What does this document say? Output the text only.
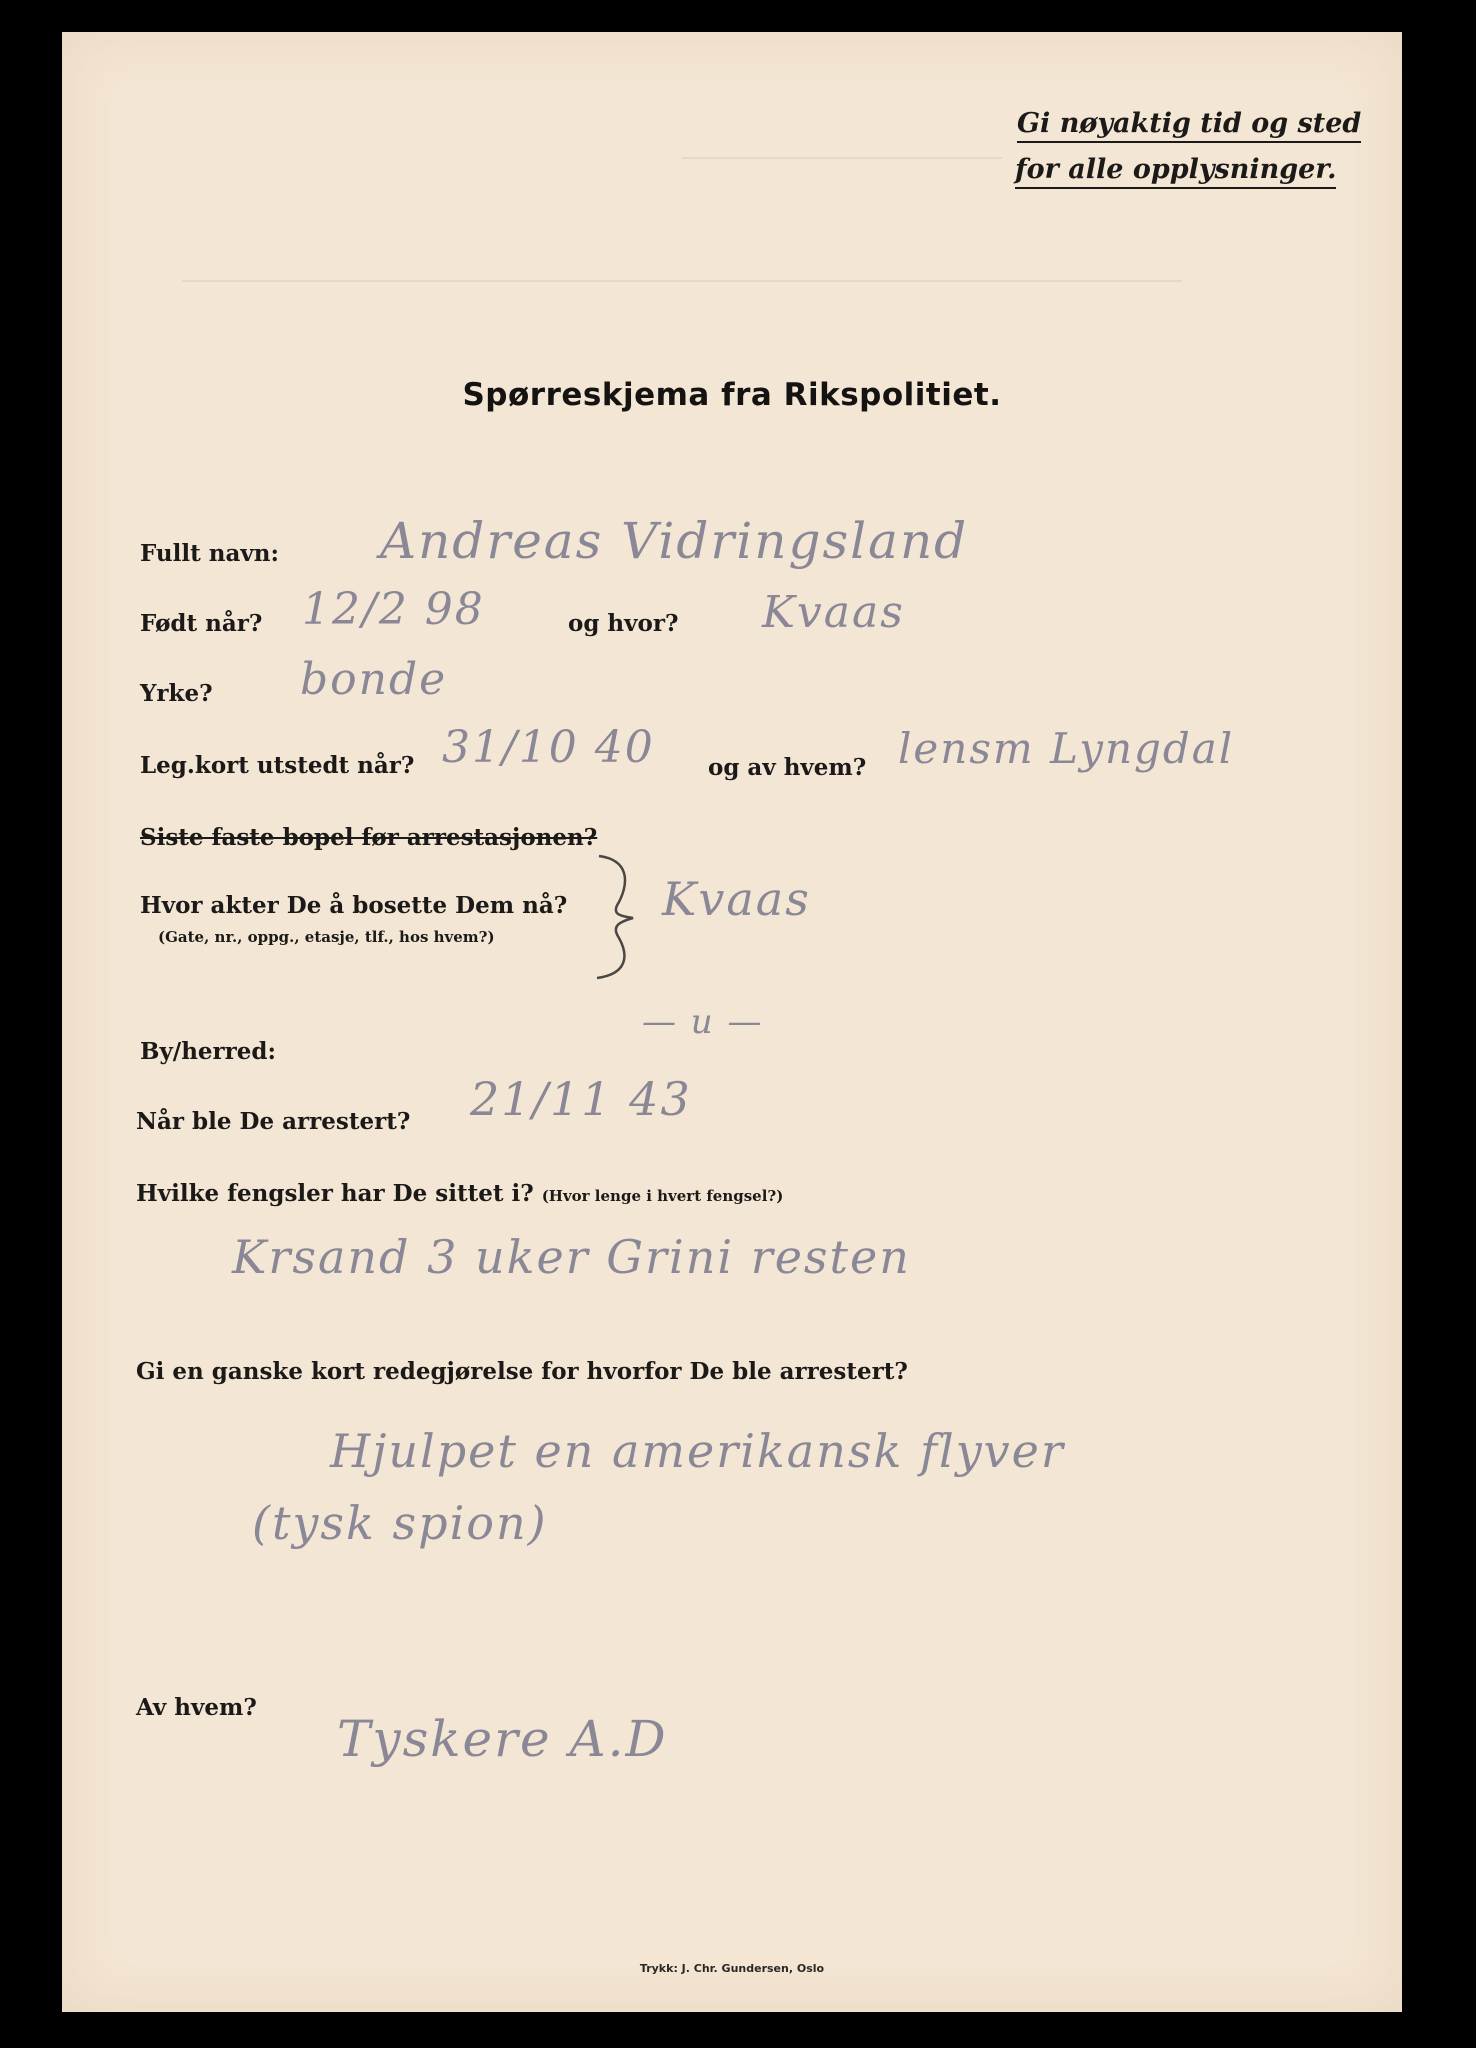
Gi nøyaktig tid og sted
for alle opplysninger.
Spørreskjema fra Rikspolitiet.
Fullt navn: Andreas Vidringsland
Født når? 12/2 98	og hvor? Kvaas
Yrke? bonde
Leg.kort utstedt når? 31/10 40 og av hvem? lensm Lyngdal
Siste faste bopel før arrestasjonen?
Hvor akter De å bosette Dem nå?
(Gate, nr., oppg., etasje, tlf., hos hvem?)
Kvaas
By/herred:
— u —
Når ble De arrestert? 21/11 43
Hvilke fengsler har De sittet i? (Hvor lenge i hvert fengsel?)
Krsand 3 uker Grini resten
Gi en ganske kort redegjørelse for hvorfor De ble arrestert?
Hjulpet en amerikansk flyver
(tysk spion)
Av hvem?
Tyskere A.D
Trykk: J. Chr. Gundersen, Oslo
